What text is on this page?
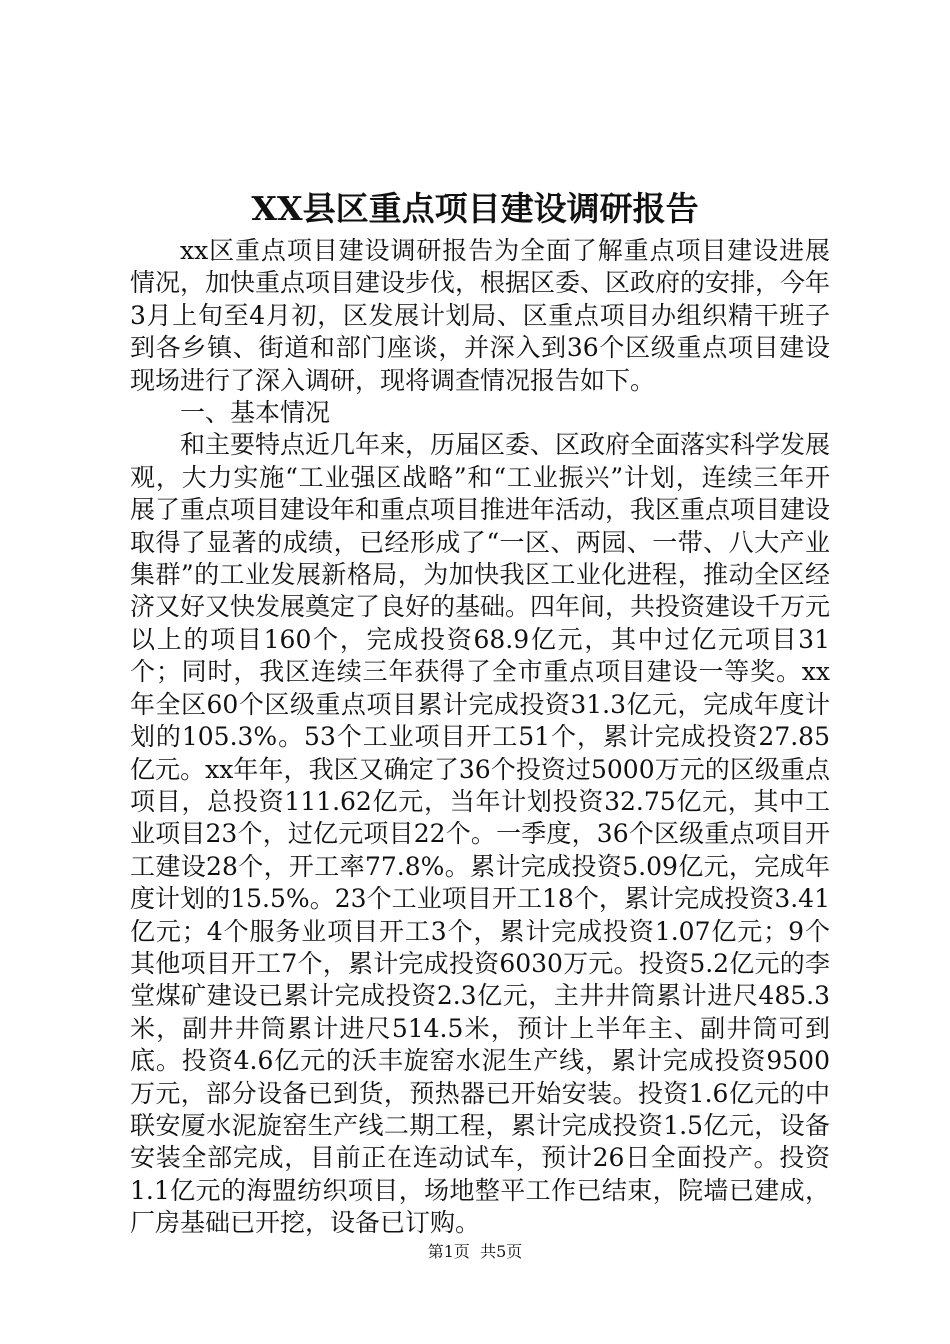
XX县区重点项目建设调研报告

xx区重点项目建设调研报告为全面了解重点项目建设进展情况，加快重点项目建设步伐，根据区委、区政府的安排，今年3月上旬至4月初，区发展计划局、区重点项目办组织精干班子到各乡镇、街道和部门座谈，并深入到36个区级重点项目建设现场进行了深入调研，现将调查情况报告如下。

一、基本情况

和主要特点近几年来，历届区委、区政府全面落实科学发展观，大力实施“工业强区战略”和“工业振兴”计划，连续三年开展了重点项目建设年和重点项目推进年活动，我区重点项目建设取得了显著的成绩，已经形成了“一区、两园、一带、八大产业集群”的工业发展新格局，为加快我区工业化进程，推动全区经济又好又快发展奠定了良好的基础。四年间，共投资建设千万元以上的项目160个，完成投资68.9亿元，其中过亿元项目31个；同时，我区连续三年获得了全市重点项目建设一等奖。xx年全区60个区级重点项目累计完成投资31.3亿元，完成年度计划的105.3%。53个工业项目开工51个，累计完成投资27.85亿元。xx年年，我区又确定了36个投资过5000万元的区级重点项目，总投资111.62亿元，当年计划投资32.75亿元，其中工业项目23个，过亿元项目22个。一季度，36个区级重点项目开工建设28个，开工率77.8%。累计完成投资5.09亿元，完成年度计划的15.5%。23个工业项目开工18个，累计完成投资3.41亿元；4个服务业项目开工3个，累计完成投资1.07亿元；9个其他项目开工7个，累计完成投资6030万元。投资5.2亿元的李堂煤矿建设已累计完成投资2.3亿元，主井井筒累计进尺485.3米，副井井筒累计进尺514.5米，预计上半年主、副井筒可到底。投资4.6亿元的沃丰旋窑水泥生产线，累计完成投资9500万元，部分设备已到货，预热器已开始安装。投资1.6亿元的中联安厦水泥旋窑生产线二期工程，累计完成投资1.5亿元，设备安装全部完成，目前正在连动试车，预计26日全面投产。投资1.1亿元的海盟纺织项目，场地整平工作已结束，院墙已建成，厂房基础已开挖，设备已订购。

第1页 共5页
